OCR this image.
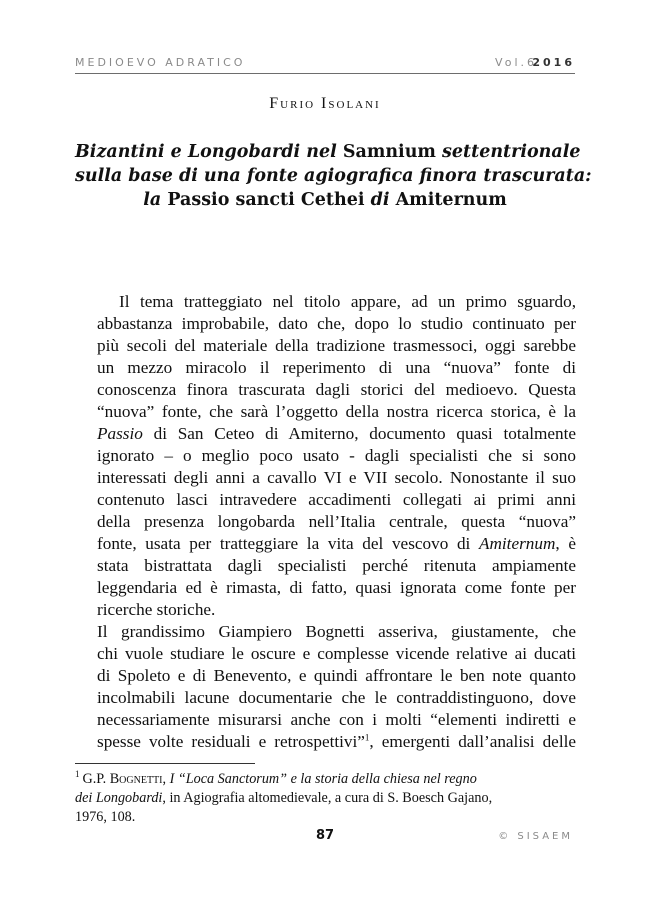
MEDIOEVO ADRATICO	Vol.6
2016
Furio Isolani
Bizantini e Longobardi nel Samnium settentrionale
sulla base di una fonte agiografica finora trascurata:
la Passio sancti Cethei di Amiternum

Il tema tratteggiato nel titolo appare, ad un primo sguardo,
abbastanza improbabile, dato che, dopo lo studio continuato per
più secoli del materiale della tradizione trasmessoci, oggi sarebbe
un mezzo miracolo il reperimento di una “nuova” fonte di
conoscenza finora trascurata dagli storici del medioevo. Questa
“nuova” fonte, che sarà l’oggetto della nostra ricerca storica, è la
Passio di San Ceteo di Amiterno, documento quasi totalmente
ignorato – o meglio poco usato - dagli specialisti che si sono
interessati degli anni a cavallo VI e VII secolo. Nonostante il suo
contenuto lasci intravedere accadimenti collegati ai primi anni
della presenza longobarda nell’Italia centrale, questa “nuova”
fonte, usata per tratteggiare la vita del vescovo di Amiternum, è
stata bistrattata dagli specialisti perché ritenuta ampiamente
leggendaria ed è rimasta, di fatto, quasi ignorata come fonte per
ricerche storiche.

Il grandissimo Giampiero Bognetti asseriva, giustamente, che
chi vuole studiare le oscure e complesse vicende relative ai ducati
di Spoleto e di Benevento, e quindi affrontare le ben note quanto
incolmabili lacune documentarie che le contraddistinguono, dove
necessariamente misurarsi anche con i molti “elementi indiretti e
spesse volte residuali e retrospettivi”$^1$, emergenti dall’analisi delle

$^1$ G.P. Bognetti, I “Loca Sanctorum” e la storia della chiesa nel regno
dei Longobardi, in Agiografia altomedievale, a cura di S. Boesch Gajano,
1976, 108.
87	© SISAEM
